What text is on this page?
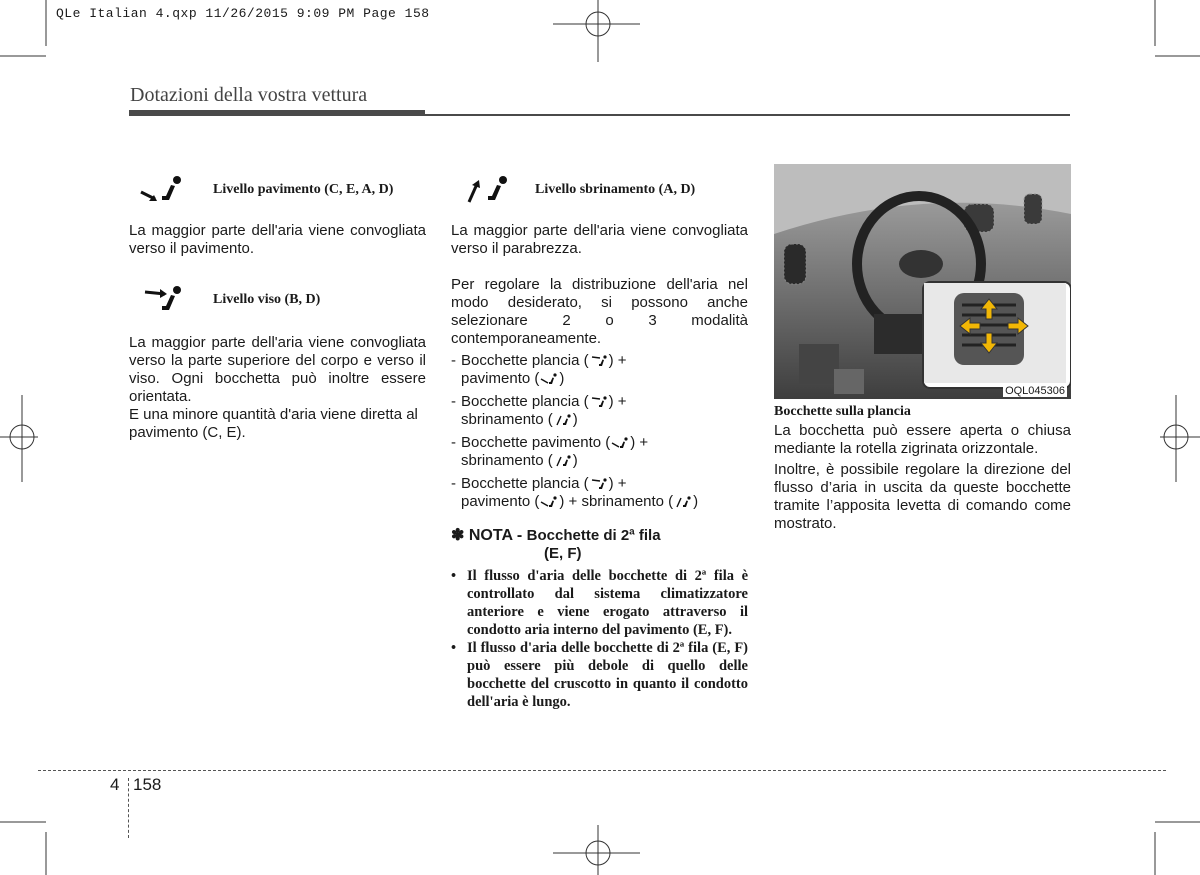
QLe Italian 4.qxp 11/26/2015 9:09 PM Page 158
Dotazioni della vostra vettura
Livello pavimento (C, E, A, D)

La maggior parte dell'aria viene convogliata verso il pavimento.

Livello viso (B, D)

La maggior parte dell'aria viene convogliata verso la parte superiore del corpo e verso il viso. Ogni bocchetta può inoltre essere orientata.

E una minore quantità d'aria viene diretta al pavimento (C, E).

Livello sbrinamento (A, D)

La maggior parte dell'aria viene convogliata verso il parabrezza.

Per regolare la distribuzione dell'aria nel modo desiderato, si possono anche selezionare 2 o 3 modalità contemporaneamente.

- Bocchette plancia ( ) +
pavimento ( )
- Bocchette plancia ( ) +
sbrinamento ( )
- Bocchette pavimento ( ) +
sbrinamento ( )
- Bocchette plancia ( ) +
pavimento ( ) + sbrinamento ( )
✽ NOTA - Bocchette di 2ª fila
(E, F)
• Il flusso d'aria delle bocchette di 2ª fila è controllato dal sistema climatizzatore anteriore e viene erogato attraverso il condotto aria interno del pavimento (E, F).
• Il flusso d'aria delle bocchette di 2ª fila (E, F) può essere più debole di quello delle bocchette del cruscotto in quanto il condotto dell'aria è lungo.
OQL045306
Bocchette sulla plancia

La bocchetta può essere aperta o chiusa mediante la rotella zigrinata orizzontale.

Inoltre, è possibile regolare la direzione del flusso d’aria in uscita da queste bocchette tramite l’apposita levetta di comando come mostrato.

4 158
